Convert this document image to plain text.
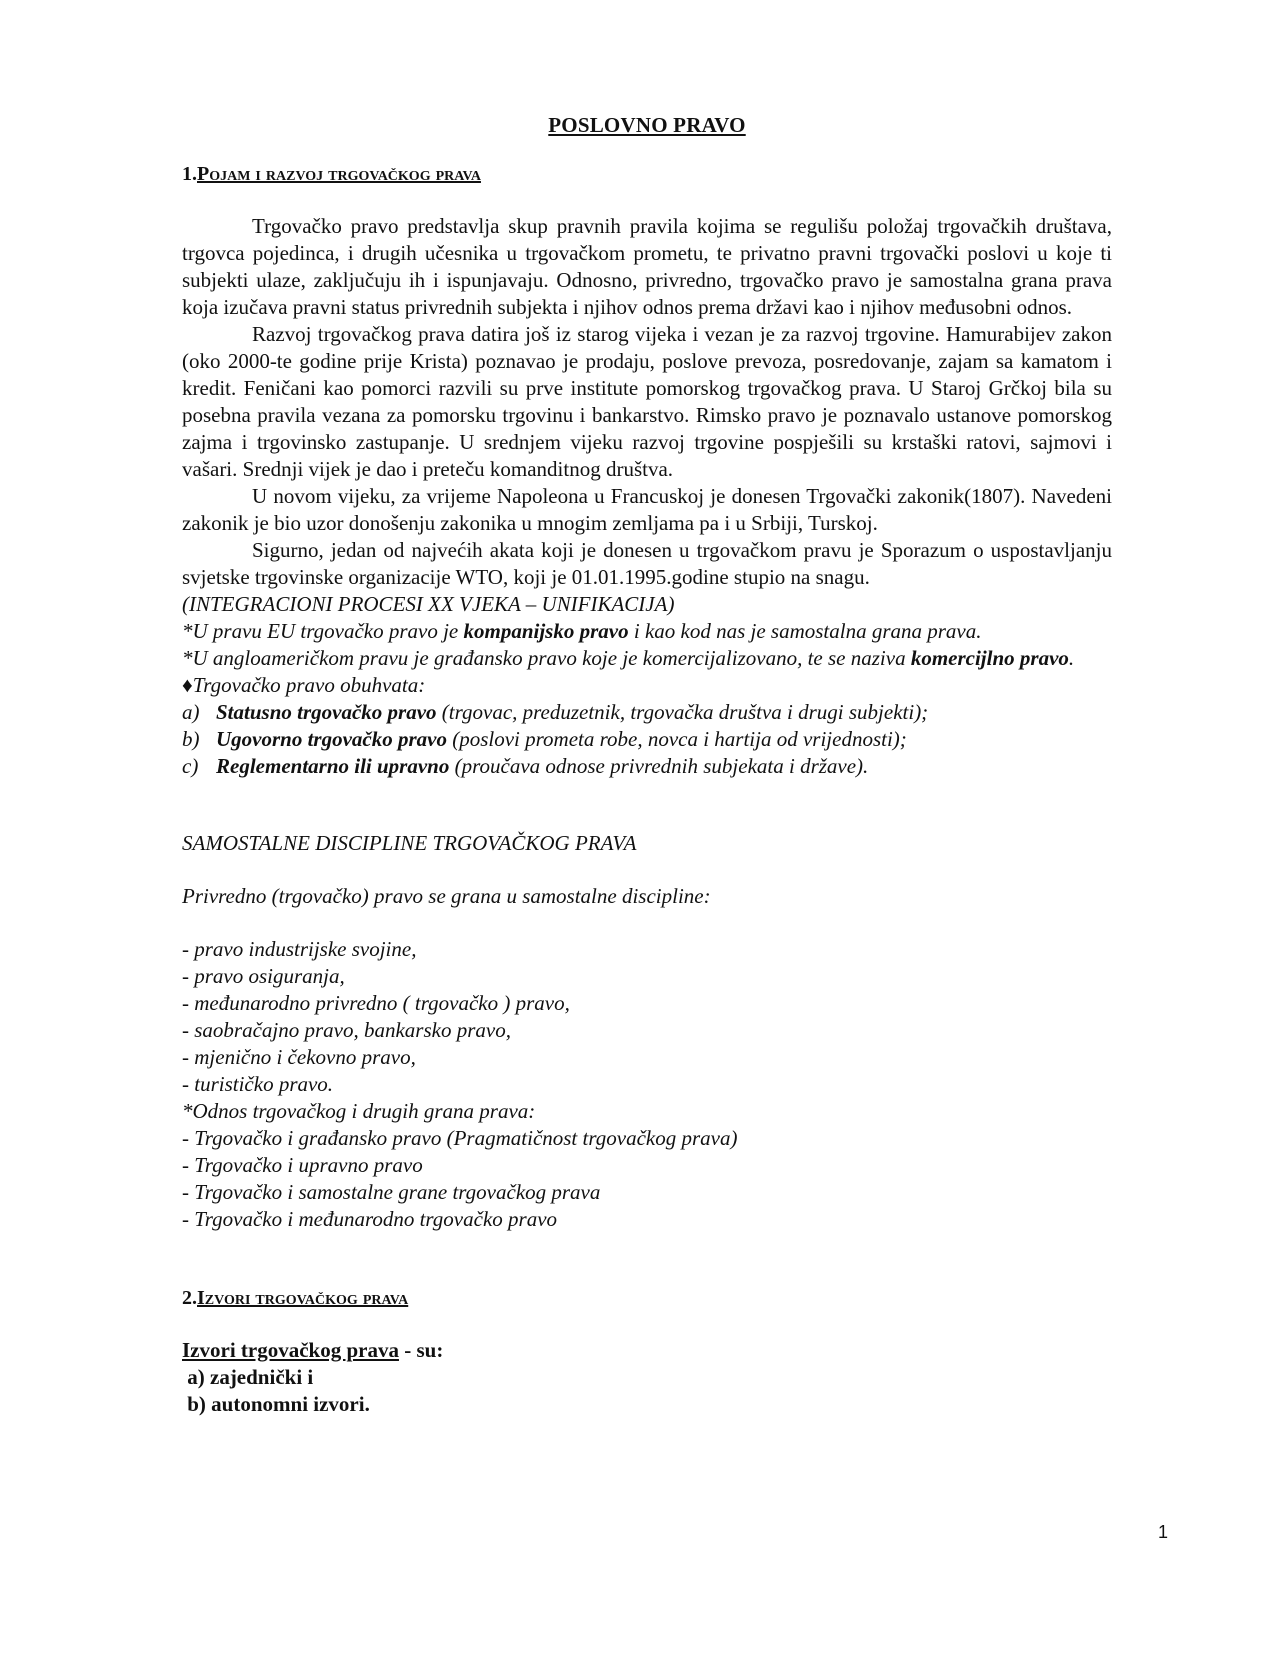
POSLOVNO PRAVO
1.Pojam i razvoj trgovačkog prava

Trgovačko pravo predstavlja skup pravnih pravila kojima se regulišu položaj trgovačkih društava, trgovca pojedinca, i drugih učesnika u trgovačkom prometu, te privatno pravni trgovački poslovi u koje ti subjekti ulaze, zaključuju ih i ispunjavaju. Odnosno, privredno, trgovačko pravo je samostalna grana prava koja izučava pravni status privrednih subjekta i njihov odnos prema državi kao i njihov međusobni odnos.

Razvoj trgovačkog prava datira još iz starog vijeka i vezan je za razvoj trgovine. Hamurabijev zakon (oko 2000-te godine prije Krista) poznavao je prodaju, poslove prevoza, posredovanje, zajam sa kamatom i kredit. Feničani kao pomorci razvili su prve institute pomorskog trgovačkog prava. U Staroj Grčkoj bila su posebna pravila vezana za pomorsku trgovinu i bankarstvo. Rimsko pravo je poznavalo ustanove pomorskog zajma i trgovinsko zastupanje. U srednjem vijeku razvoj trgovine pospješili su krstaški ratovi, sajmovi i vašari. Srednji vijek je dao i preteču komanditnog društva.

U novom vijeku, za vrijeme Napoleona u Francuskoj je donesen Trgovački zakonik(1807). Navedeni zakonik je bio uzor donošenju zakonika u mnogim zemljama pa i u Srbiji, Turskoj.

Sigurno, jedan od najvećih akata koji je donesen u trgovačkom pravu je Sporazum o uspostavljanju svjetske trgovinske organizacije WTO, koji je 01.01.1995.godine stupio na snagu.

(INTEGRACIONI PROCESI XX VJEKA – UNIFIKACIJA)

*U pravu EU trgovačko pravo je kompanijsko pravo i kao kod nas je samostalna grana prava.

*U angloameričkom pravu je građansko pravo koje je komercijalizovano, te se naziva komercijlno pravo.

♦Trgovačko pravo obuhvata:

a) Statusno trgovačko pravo (trgovac, preduzetnik, trgovačka društva i drugi subjekti);
b) Ugovorno trgovačko pravo (poslovi prometa robe, novca i hartija od vrijednosti);
c) Reglementarno ili upravno (proučava odnose privrednih subjekata i države).

SAMOSTALNE DISCIPLINE TRGOVAČKOG PRAVA

Privredno (trgovačko) pravo se grana u samostalne discipline:

- pravo industrijske svojine,

- pravo osiguranja,

- međunarodno privredno ( trgovačko ) pravo,

- saobračajno pravo, bankarsko pravo,

- mjenično i čekovno pravo,

- turističko pravo.

*Odnos trgovačkog i drugih grana prava:

- Trgovačko i građansko pravo (Pragmatičnost trgovačkog prava)

- Trgovačko i upravno pravo

- Trgovačko i samostalne grane trgovačkog prava

- Trgovačko i međunarodno trgovačko pravo

2.Izvori trgovačkog prava

Izvori trgovačkog prava - su:

a) zajednički i

b) autonomni izvori.

1
